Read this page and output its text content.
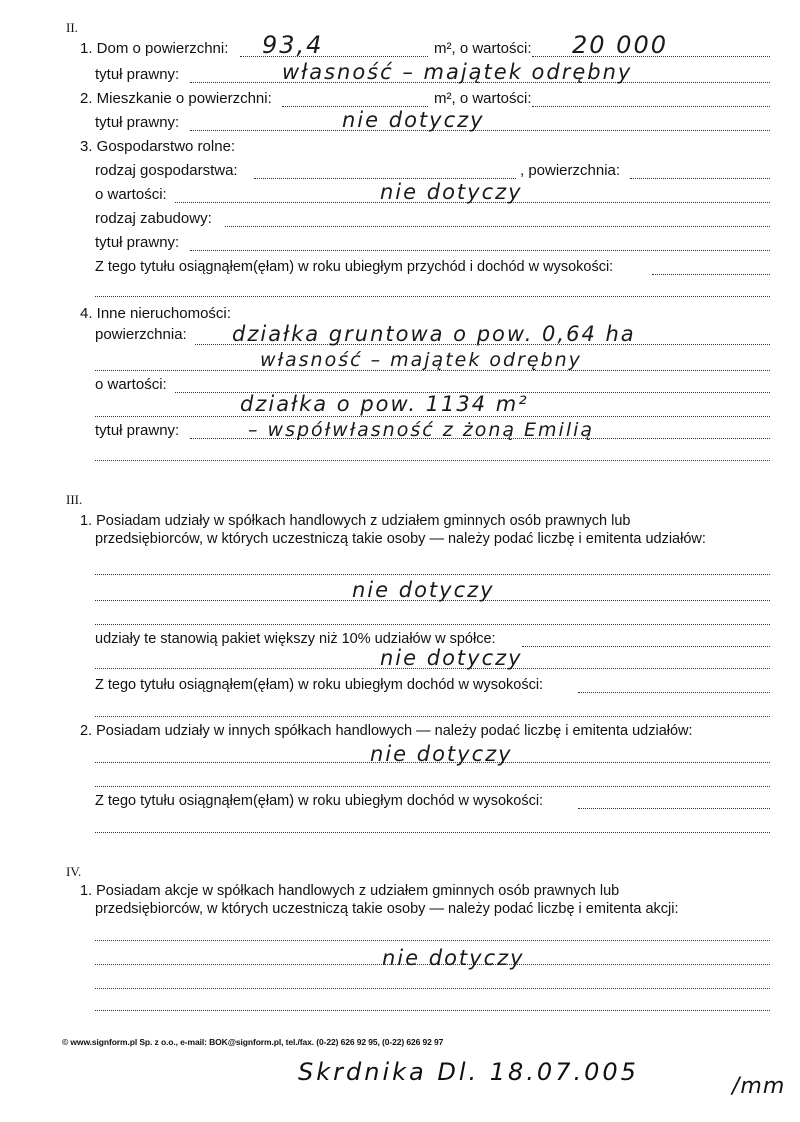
II.
1. Dom o powierzchni: 93,4	m², o wartości: 20 000
tytuł prawny:	własność – majątek odrębny
2. Mieszkanie o powierzchni:	m², o wartości:
tytuł prawny:	nie dotyczy
3. Gospodarstwo rolne:
rodzaj gospodarstwa:	, powierzchnia:
o wartości:	nie dotyczy
rodzaj zabudowy:
tytuł prawny:
Z tego tytułu osiągnąłem(ęłam) w roku ubiegłym przychód i dochód w wysokości:
4. Inne nieruchomości:
powierzchnia: działka gruntowa o pow. 0,64 ha
własność – majątek odrębny
o wartości:
działka o pow. 1134 m²
tytuł prawny:	– współwłasność z żoną Emilią
III.
1. Posiadam udziały w spółkach handlowych z udziałem gminnych osób prawnych lub
przedsiębiorców, w których uczestniczą takie osoby — należy podać liczbę i emitenta udziałów:
nie dotyczy
udziały te stanowią pakiet większy niż 10% udziałów w spółce:
nie dotyczy
Z tego tytułu osiągnąłem(ęłam) w roku ubiegłym dochód w wysokości:
2. Posiadam udziały w innych spółkach handlowych — należy podać liczbę i emitenta udziałów:
nie dotyczy
Z tego tytułu osiągnąłem(ęłam) w roku ubiegłym dochód w wysokości:
IV.
1. Posiadam akcje w spółkach handlowych z udziałem gminnych osób prawnych lub
przedsiębiorców, w których uczestniczą takie osoby — należy podać liczbę i emitenta akcji:
nie dotyczy
© www.signform.pl Sp. z o.o., e-mail: BOK@signform.pl, tel./fax. (0-22) 626 92 95, (0-22) 626 92 97
Skrdnika Dl. 18.07.005
/mm
